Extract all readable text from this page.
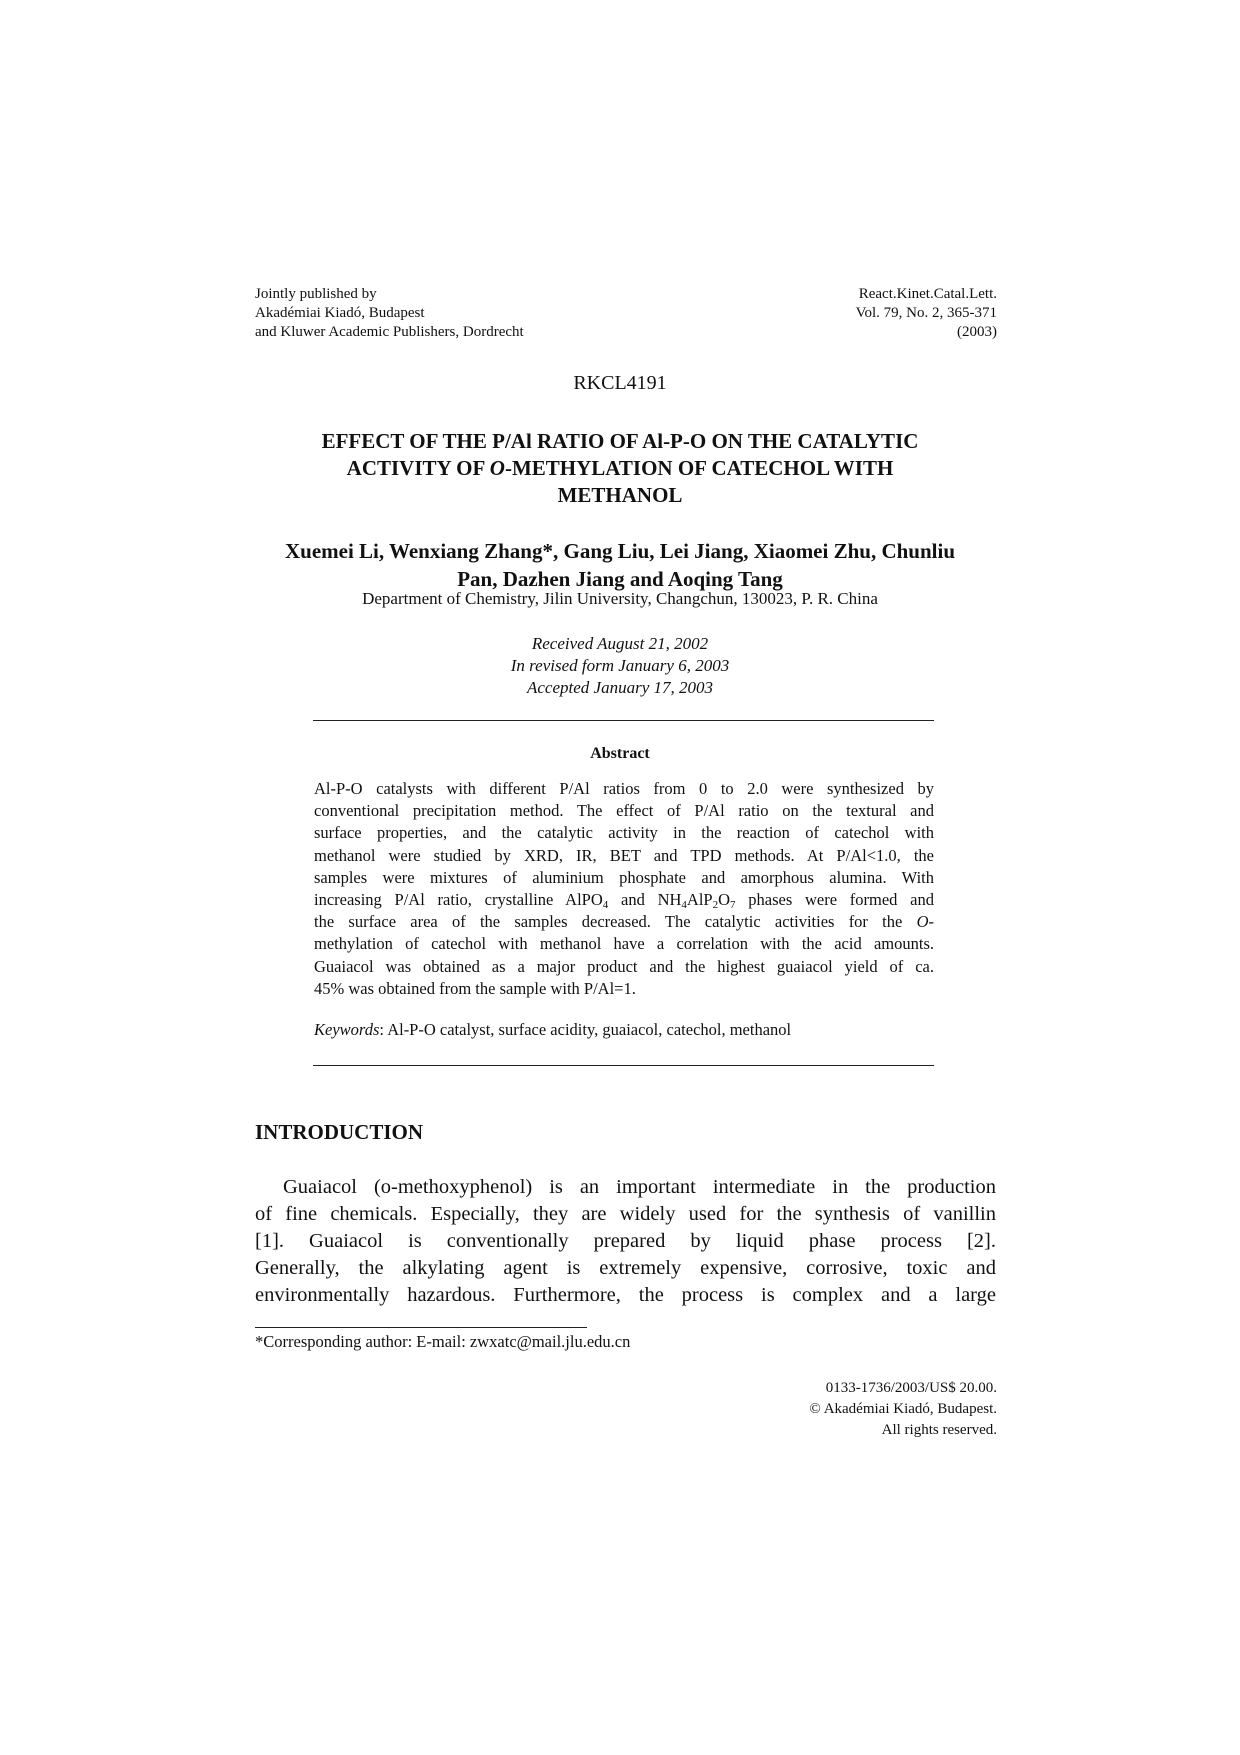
Jointly published by
Akadémiai Kiadó, Budapest
and Kluwer Academic Publishers, Dordrecht
React.Kinet.Catal.Lett.
Vol. 79, No. 2, 365-371
(2003)
RKCL4191
EFFECT OF THE P/Al RATIO OF Al-P-O ON THE CATALYTIC
ACTIVITY OF O-METHYLATION OF CATECHOL WITH
METHANOL
Xuemei Li, Wenxiang Zhang*, Gang Liu, Lei Jiang, Xiaomei Zhu, Chunliu
Pan, Dazhen Jiang and Aoqing Tang
Department of Chemistry, Jilin University, Changchun, 130023, P. R. China
Received August 21, 2002
In revised form January 6, 2003
Accepted January 17, 2003
Abstract
Al-P-O catalysts with different P/Al ratios from 0 to 2.0 were synthesized by
conventional precipitation method. The effect of P/Al ratio on the textural and
surface properties, and the catalytic activity in the reaction of catechol with
methanol were studied by XRD, IR, BET and TPD methods. At P/Al<1.0, the
samples were mixtures of aluminium phosphate and amorphous alumina. With
increasing P/Al ratio, crystalline AlPO$_4$ and $NH_4AlP_2O_7$ phases were formed and
the surface area of the samples decreased. The catalytic activities for the O-
methylation of catechol with methanol have a correlation with the acid amounts.
Guaiacol was obtained as a major product and the highest guaiacol yield of ca.
45% was obtained from the sample with P/Al=1.
Keywords: Al-P-O catalyst, surface acidity, guaiacol, catechol, methanol
INTRODUCTION
Guaiacol (o-methoxyphenol) is an important intermediate in the production
of fine chemicals. Especially, they are widely used for the synthesis of vanillin
[1]. Guaiacol is conventionally prepared by liquid phase process [2].
Generally, the alkylating agent is extremely expensive, corrosive, toxic and
environmentally hazardous. Furthermore, the process is complex and a large
*Corresponding author: E-mail: zwxatc@mail.jlu.edu.cn
0133-1736/2003/US$ 20.00.
© Akadémiai Kiadó, Budapest.
All rights reserved.
